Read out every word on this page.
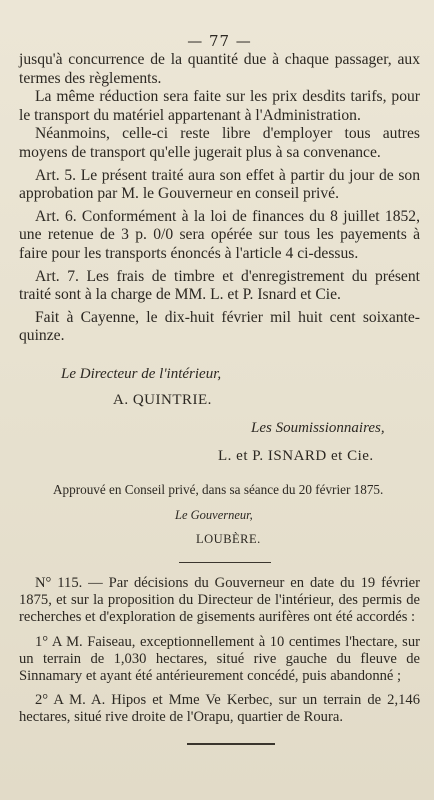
— 77 —

jusqu'à concurrence de la quantité due à chaque passager, aux termes des règlements.

La même réduction sera faite sur les prix desdits tarifs, pour le transport du matériel appartenant à l'Administration.

Néanmoins, celle-ci reste libre d'employer tous autres moyens de transport qu'elle jugerait plus à sa convenance.

Art. 5. Le présent traité aura son effet à partir du jour de son approbation par M. le Gouverneur en conseil privé.

Art. 6. Conformément à la loi de finances du 8 juillet 1852, une retenue de 3 p. 0/0 sera opérée sur tous les payements à faire pour les transports énoncés à l'article 4 ci-dessus.

Art. 7. Les frais de timbre et d'enregistrement du présent traité sont à la charge de MM. L. et P. Isnard et Cie.

Fait à Cayenne, le dix-huit février mil huit cent soixante-quinze.

Le Directeur de l'intérieur,
A. QUINTRIE.
Les Soumissionnaires,
L. et P. ISNARD et Cie.
Approuvé en Conseil privé, dans sa séance du 20 février 1875.
Le Gouverneur,
LOUBÈRE.

N° 115. — Par décisions du Gouverneur en date du 19 février 1875, et sur la proposition du Directeur de l'intérieur, des permis de recherches et d'exploration de gisements aurifères ont été accordés :

1° A M. Faiseau, exceptionnellement à 10 centimes l'hectare, sur un terrain de 1,030 hectares, situé rive gauche du fleuve de Sinnamary et ayant été antérieurement concédé, puis abandonné ;

2° A M. A. Hipos et Mme Ve Kerbec, sur un terrain de 2,146 hectares, situé rive droite de l'Orapu, quartier de Roura.
